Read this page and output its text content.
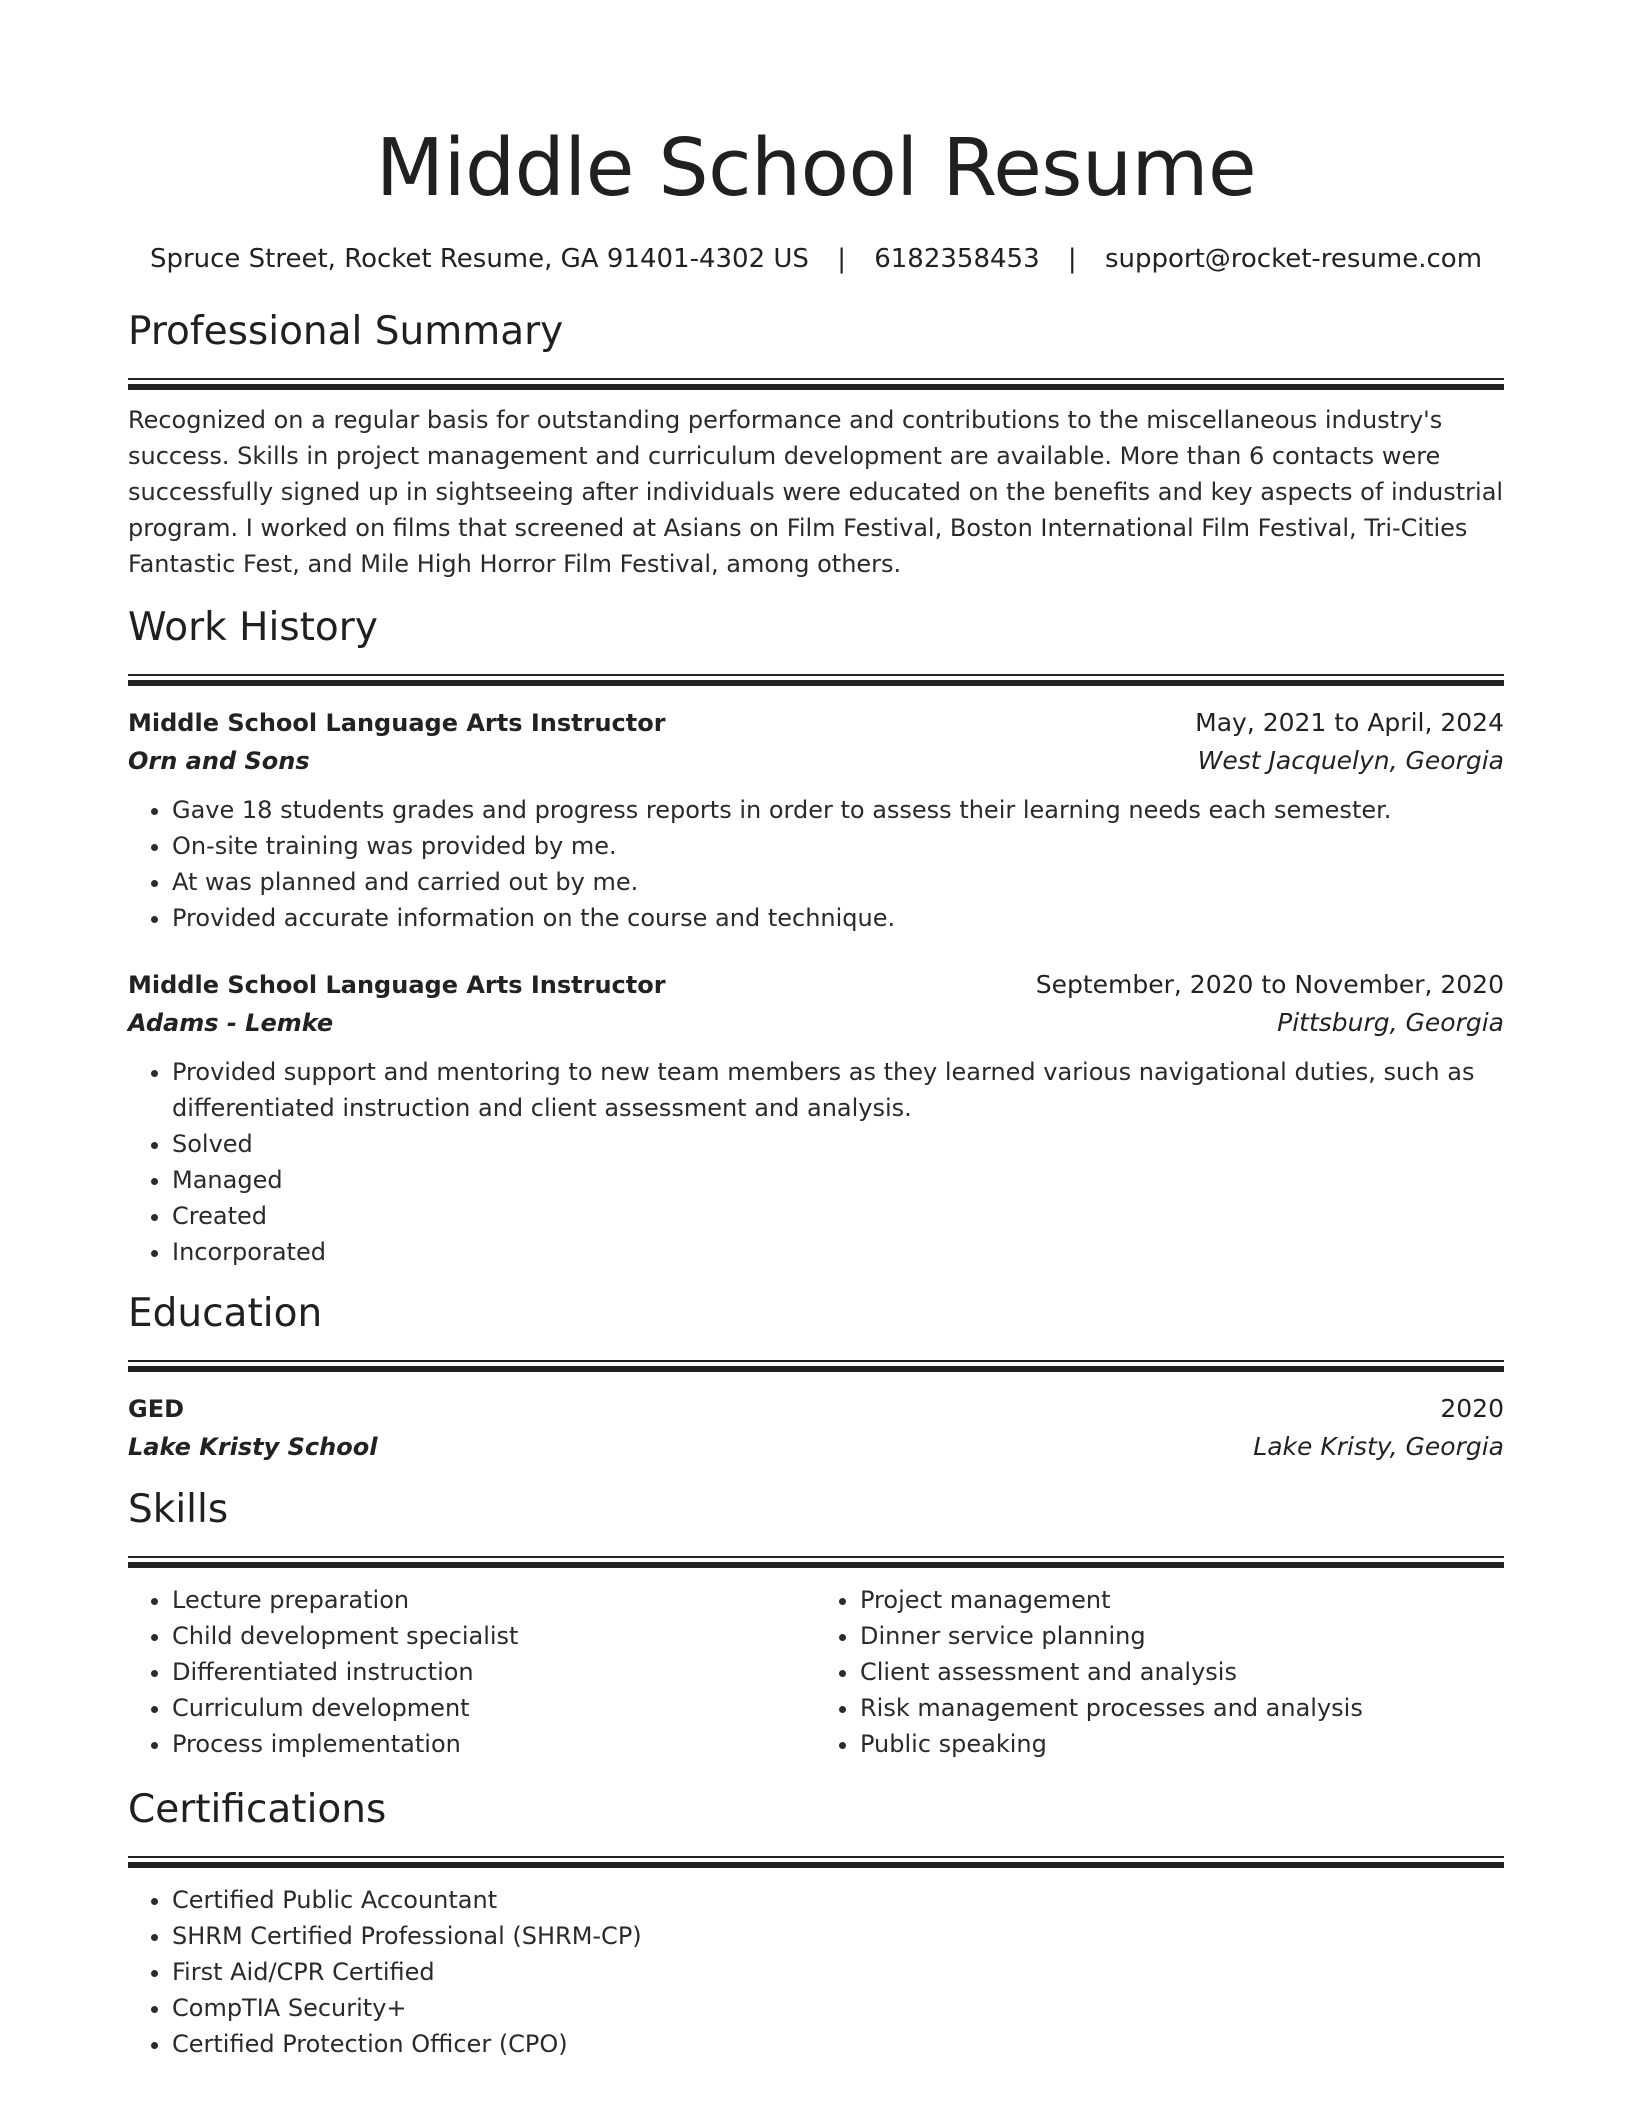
Middle School Resume
Spruce Street, Rocket Resume, GA 91401-4302 US | 6182358453 | support@rocket-resume.com
Professional Summary
Recognized on a regular basis for outstanding performance and contributions to the miscellaneous industry's success. Skills in project management and curriculum development are available. More than 6 contacts were successfully signed up in sightseeing after individuals were educated on the benefits and key aspects of industrial program. I worked on films that screened at Asians on Film Festival, Boston International Film Festival, Tri-Cities Fantastic Fest, and Mile High Horror Film Festival, among others.
Work History
Middle School Language Arts Instructor	May, 2021 to April, 2024
Orn and Sons	West Jacquelyn, Georgia
• Gave 18 students grades and progress reports in order to assess their learning needs each semester.
• On-site training was provided by me.
• At was planned and carried out by me.
• Provided accurate information on the course and technique.
Middle School Language Arts Instructor	September, 2020 to November, 2020
Adams - Lemke	Pittsburg, Georgia
• Provided support and mentoring to new team members as they learned various navigational duties, such as differentiated instruction and client assessment and analysis.
• Solved
• Managed
• Created
• Incorporated
Education
GED	2020
Lake Kristy School	Lake Kristy, Georgia
Skills
• Lecture preparation
• Child development specialist
• Differentiated instruction
• Curriculum development
• Process implementation
• Project management
• Dinner service planning
• Client assessment and analysis
• Risk management processes and analysis
• Public speaking
Certifications
• Certified Public Accountant
• SHRM Certified Professional (SHRM-CP)
• First Aid/CPR Certified
• CompTIA Security+
• Certified Protection Officer (CPO)
